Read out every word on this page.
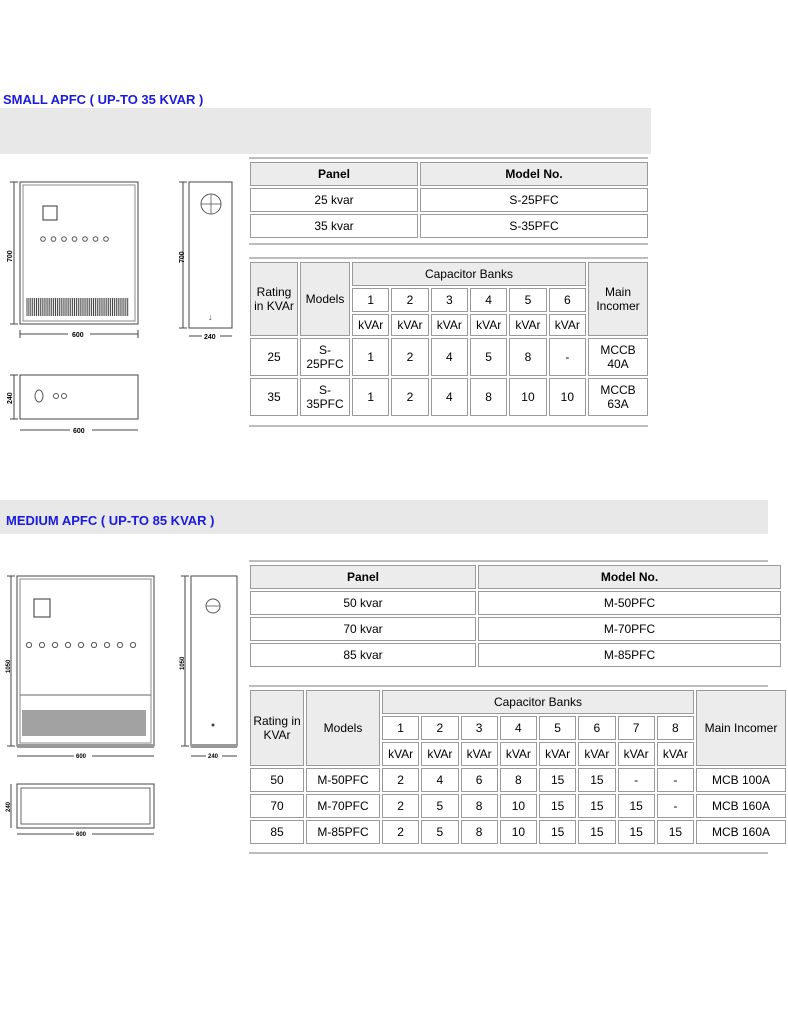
SMALL APFC ( UP-TO 35 KVAR )
700
600
↓
700
240
240
600
Panel	Model No.
25 kvar	S-25PFC
35 kvar	S-35PFC
Rating in KVAr	Models	Capacitor Banks						Main Incomer
		1	2	3	4	5	6	
		kVAr	kVAr	kVAr	kVAr	kVAr	kVAr	
25	S-25PFC	1	2	4	5	8	-	MCCB 40A
35	S-35PFC	1	2	4	8	10	10	MCCB 63A
MEDIUM APFC ( UP-TO 85 KVAR )
1050
600
1050
240
240
600
Panel	Model No.
50 kvar	M-50PFC
70 kvar	M-70PFC
85 kvar	M-85PFC
Rating in KVAr	Models	Capacitor Banks								Main Incomer
		1	2	3	4	5	6	7	8	
		kVAr	kVAr	kVAr	kVAr	kVAr	kVAr	kVAr	kVAr	
50	M-50PFC	2	4	6	8	15	15	-	-	MCB 100A
70	M-70PFC	2	5	8	10	15	15	15	-	MCB 160A
85	M-85PFC	2	5	8	10	15	15	15	15	MCB 160A
